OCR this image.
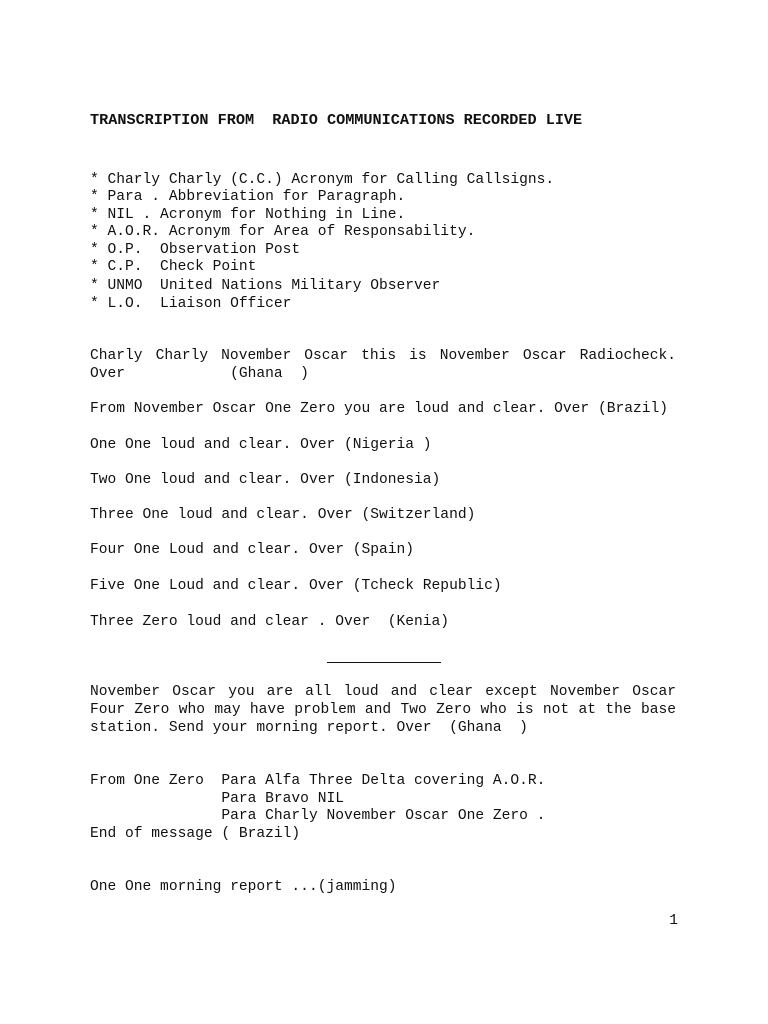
TRANSCRIPTION FROM  RADIO COMMUNICATIONS RECORDED LIVE
* Charly Charly (C.C.) Acronym for Calling Callsigns.
* Para . Abbreviation for Paragraph.
* NIL . Acronym for Nothing in Line.
* A.O.R. Acronym for Area of Responsability.
* O.P.  Observation Post
* C.P.  Check Point
* UNMO  United Nations Military Observer
* L.O.  Liaison Officer
Charly Charly November Oscar this is November Oscar Radiocheck.
Over            (Ghana  )
From November Oscar One Zero you are loud and clear. Over (Brazil)
One One loud and clear. Over (Nigeria )
Two One loud and clear. Over (Indonesia)
Three One loud and clear. Over (Switzerland)
Four One Loud and clear. Over (Spain)
Five One Loud and clear. Over (Tcheck Republic)
Three Zero loud and clear . Over  (Kenia)
November Oscar you are all loud and clear except November Oscar
Four Zero who may have problem and Two Zero who is not at the base
station. Send your morning report. Over  (Ghana  )
From One Zero  Para Alfa Three Delta covering A.O.R.
Para Bravo NIL
Para Charly November Oscar One Zero .
End of message ( Brazil)
One One morning report ...(jamming)
1
